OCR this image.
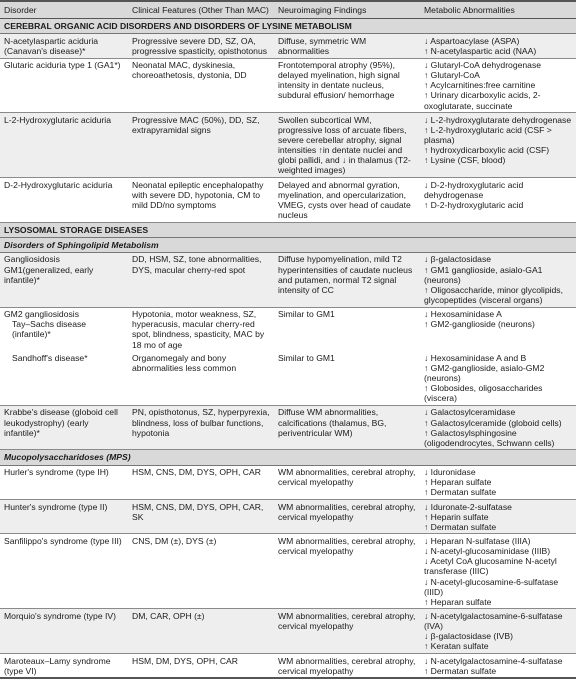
Disorder	Clinical Features (Other Than MAC)	Neuroimaging Findings	Metabolic Abnormalities
CEREBRAL ORGANIC ACID DISORDERS AND DISORDERS OF LYSINE METABOLISM			

N-acetylaspartic aciduria (Canavan's disease)*	Progressive severe DD, SZ, OA, progressive spasticity, opisthotonus	Diffuse, symmetric WM abnormalities	↓ Aspartoacylase (ASPA)
↑ N-acetylaspartic acid (NAA)

Glutaric aciduria type 1 (GA1*)	Neonatal MAC, dyskinesia, choreoathetosis, dystonia, DD	Frontotemporal atrophy (95%), delayed myelination, high signal intensity in dentate nucleus, subdural effusion/ hemorrhage	↓ Glutaryl-CoA dehydrogenase
↑ Glutaryl-CoA
↑ Acylcarnitines:free carnitine
↑ Urinary dicarboxylic acids, 2-oxoglutarate, succinate

L-2-Hydroxyglutaric aciduria	Progressive MAC (50%), DD, SZ, extrapyramidal signs	Swollen subcortical WM, progressive loss of arcuate fibers, severe cerebellar atrophy, signal intensities ↑in dentate nuclei and globi pallidi, and ↓ in thalamus (T2-weighted images)	↓ L-2-hydroxyglutarate dehydrogenase
↑ L-2-hydroxyglutaric acid (CSF > plasma)
↑ hydroxydicarboxylic acid (CSF)
↑ Lysine (CSF, blood)

D-2-Hydroxyglutaric aciduria	Neonatal epileptic encephalopathy with severe DD, hypotonia, CM to mild DD/no symptoms	Delayed and abnormal gyration, myelination, and opercularization, VMEG, cysts over head of caudate nucleus	↓ D-2-hydroxyglutaric acid dehydrogenase
↑ D-2-hydroxyglutaric acid

LYSOSOMAL STORAGE DISEASES			
Disorders of Sphingolipid Metabolism			

Gangliosidosis GM1(generalized, early infantile)*	DD, HSM, SZ, tone abnormalities, DYS, macular cherry-red spot	Diffuse hypomyelination, mild T2 hyperintensities of caudate nucleus and putamen, normal T2 signal intensity of CC	↓ β-galactosidase
↑ GM1 ganglioside, asialo-GA1 (neurons)
↑ Oligosaccharide, minor glycolipids, glycopeptides (visceral organs)

GM2 gangliosidosis
Tay–Sachs disease
(infantile)*	Hypotonia, motor weakness, SZ, hyperacusis, macular cherry-red spot, blindness, spasticity, MAC by 18 mo of age	Similar to GM1	↓ Hexosaminidase A
↑ GM2-ganglioside (neurons)

Sandhoff's disease*	Organomegaly and bony abnormalities less common	Similar to GM1	↓ Hexosaminidase A and B
↑ GM2-ganglioside, asialo-GM2 (neurons)
↑ Globosides, oligosaccharides (viscera)

Krabbe's disease (globoid cell leukodystrophy) (early infantile)*	PN, opisthotonus, SZ, hyperpyrexia, blindness, loss of bulbar functions, hypotonia	Diffuse WM abnormalities, calcifications (thalamus, BG, periventricular WM)	↓ Galactosylceramidase
↑ Galactosylceramide (globoid cells)
↑ Galactosylsphingosine (oligodendrocytes, Schwann cells)

Mucopolysaccharidoses (MPS)			

Hurler's syndrome (type IH)	HSM, CNS, DM, DYS, OPH, CAR	WM abnormalities, cerebral atrophy, cervical myelopathy	↓ Iduronidase
↑ Heparan sulfate
↑ Dermatan sulfate

Hunter's syndrome (type II)	HSM, CNS, DM, DYS, OPH, CAR, SK	WM abnormalities, cerebral atrophy, cervical myelopathy	↓ Iduronate-2-sulfatase
↑ Heparin sulfate
↑ Dermatan sulfate

Sanfilippo's syndrome (type III)	CNS, DM (±), DYS (±)	WM abnormalities, cerebral atrophy, cervical myelopathy	↓ Heparan N-sulfatase (IIIA)
↓ N-acetyl-glucosaminidase (IIIB)
↓ Acetyl CoA glucosamine N-acetyl transferase (IIIC)
↓ N-acetyl-glucosamine-6-sulfatase (IIID)
↑ Heparan sulfate

Morquio's syndrome (type IV)	DM, CAR, OPH (±)	WM abnormalities, cerebral atrophy, cervical myelopathy	↓ N-acetylgalactosamine-6-sulfatase (IVA)
↓ β-galactosidase (IVB)
↑ Keratan sulfate

Maroteaux–Lamy syndrome (type VI)	HSM, DM, DYS, OPH, CAR	WM abnormalities, cerebral atrophy, cervical myelopathy	↓ N-acetylgalactosamine-4-sulfatase
↑ Dermatan sulfate
